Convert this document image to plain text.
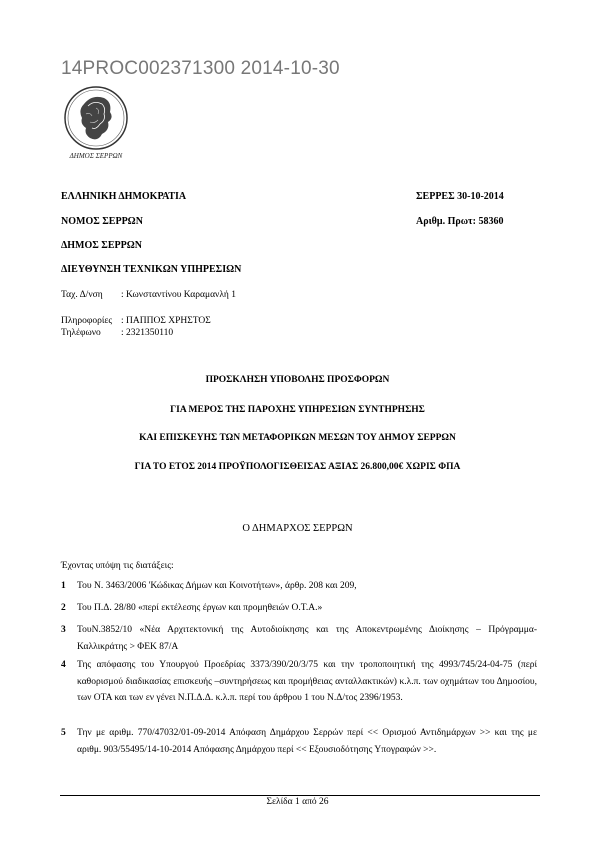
14PROC002371300 2014-10-30
ΔΗΜΟΣ ΣΕΡΡΩΝ
ΕΛΛΗΝΙΚΗ ΔΗΜΟΚΡΑΤΙΑ
ΝΟΜΟΣ ΣΕΡΡΩΝ
ΔΗΜΟΣ ΣΕΡΡΩΝ
ΔΙΕΥΘΥΝΣΗ ΤΕΧΝΙΚΩΝ ΥΠΗΡΕΣΙΩΝ
ΣΕΡΡΕΣ 30-10-2014
Αριθμ. Πρωτ: 58360
Ταχ. Δ/νση : Κωνσταντίνου Καραμανλή 1
Πληροφορίες : ΠΑΠΠΟΣ ΧΡΗΣΤΟΣ
Τηλέφωνο : 2321350110
ΠΡΟΣΚΛΗΣΗ ΥΠΟΒΟΛΗΣ ΠΡΟΣΦΟΡΩΝ
ΓΙΑ ΜΕΡΟΣ ΤΗΣ ΠΑΡΟΧΗΣ ΥΠΗΡΕΣΙΩΝ ΣΥΝΤΗΡΗΣΗΣ
ΚΑΙ ΕΠΙΣΚΕΥΗΣ ΤΩΝ ΜΕΤΑΦΟΡΙΚΩΝ ΜΕΣΩΝ ΤΟΥ ΔΗΜΟΥ ΣΕΡΡΩΝ
ΓΙΑ ΤΟ ΕΤΟΣ 2014 ΠΡΟΫΠΟΛΟΓΙΣΘΕΙΣΑΣ ΑΞΙΑΣ 26.800,00€ ΧΩΡΙΣ ΦΠΑ
Ο ΔΗΜΑΡΧΟΣ ΣΕΡΡΩΝ
Έχοντας υπόψη τις διατάξεις:
1 Του Ν. 3463/2006 'Κώδικας Δήμων και Κοινοτήτων», άρθρ. 208 και 209,
2 Του Π.Δ. 28/80 «περί εκτέλεσης έργων και προμηθειών Ο.Τ.Α.»
3 ΤουΝ.3852/10 «Νέα Αρχιτεκτονική της Αυτοδιοίκησης και της Αποκεντρωμένης Διοίκησης – Πρόγραμμα- Καλλικράτης > ΦΕΚ 87/Α
4 Της απόφασης του Υπουργού Προεδρίας 3373/390/20/3/75 και την τροποποιητική της 4993/745/24-04-75 (περί καθορισμού διαδικασίας επισκευής –συντηρήσεως και προμήθειας ανταλλακτικών) κ.λ.π. των οχημάτων του Δημοσίου, των ΟΤΑ και των εν γένει Ν.Π.Δ.Δ. κ.λ.π. περί του άρθρου 1 του Ν.Δ/τος 2396/1953.
5 Την με αριθμ. 770/47032/01-09-2014 Απόφαση Δημάρχου Σερρών περί << Ορισμού Αντιδημάρχων >> και της με αριθμ. 903/55495/14-10-2014 Απόφασης Δημάρχου περί << Εξουσιοδότησης Υπογραφών >>.
Σελίδα 1 από 26
